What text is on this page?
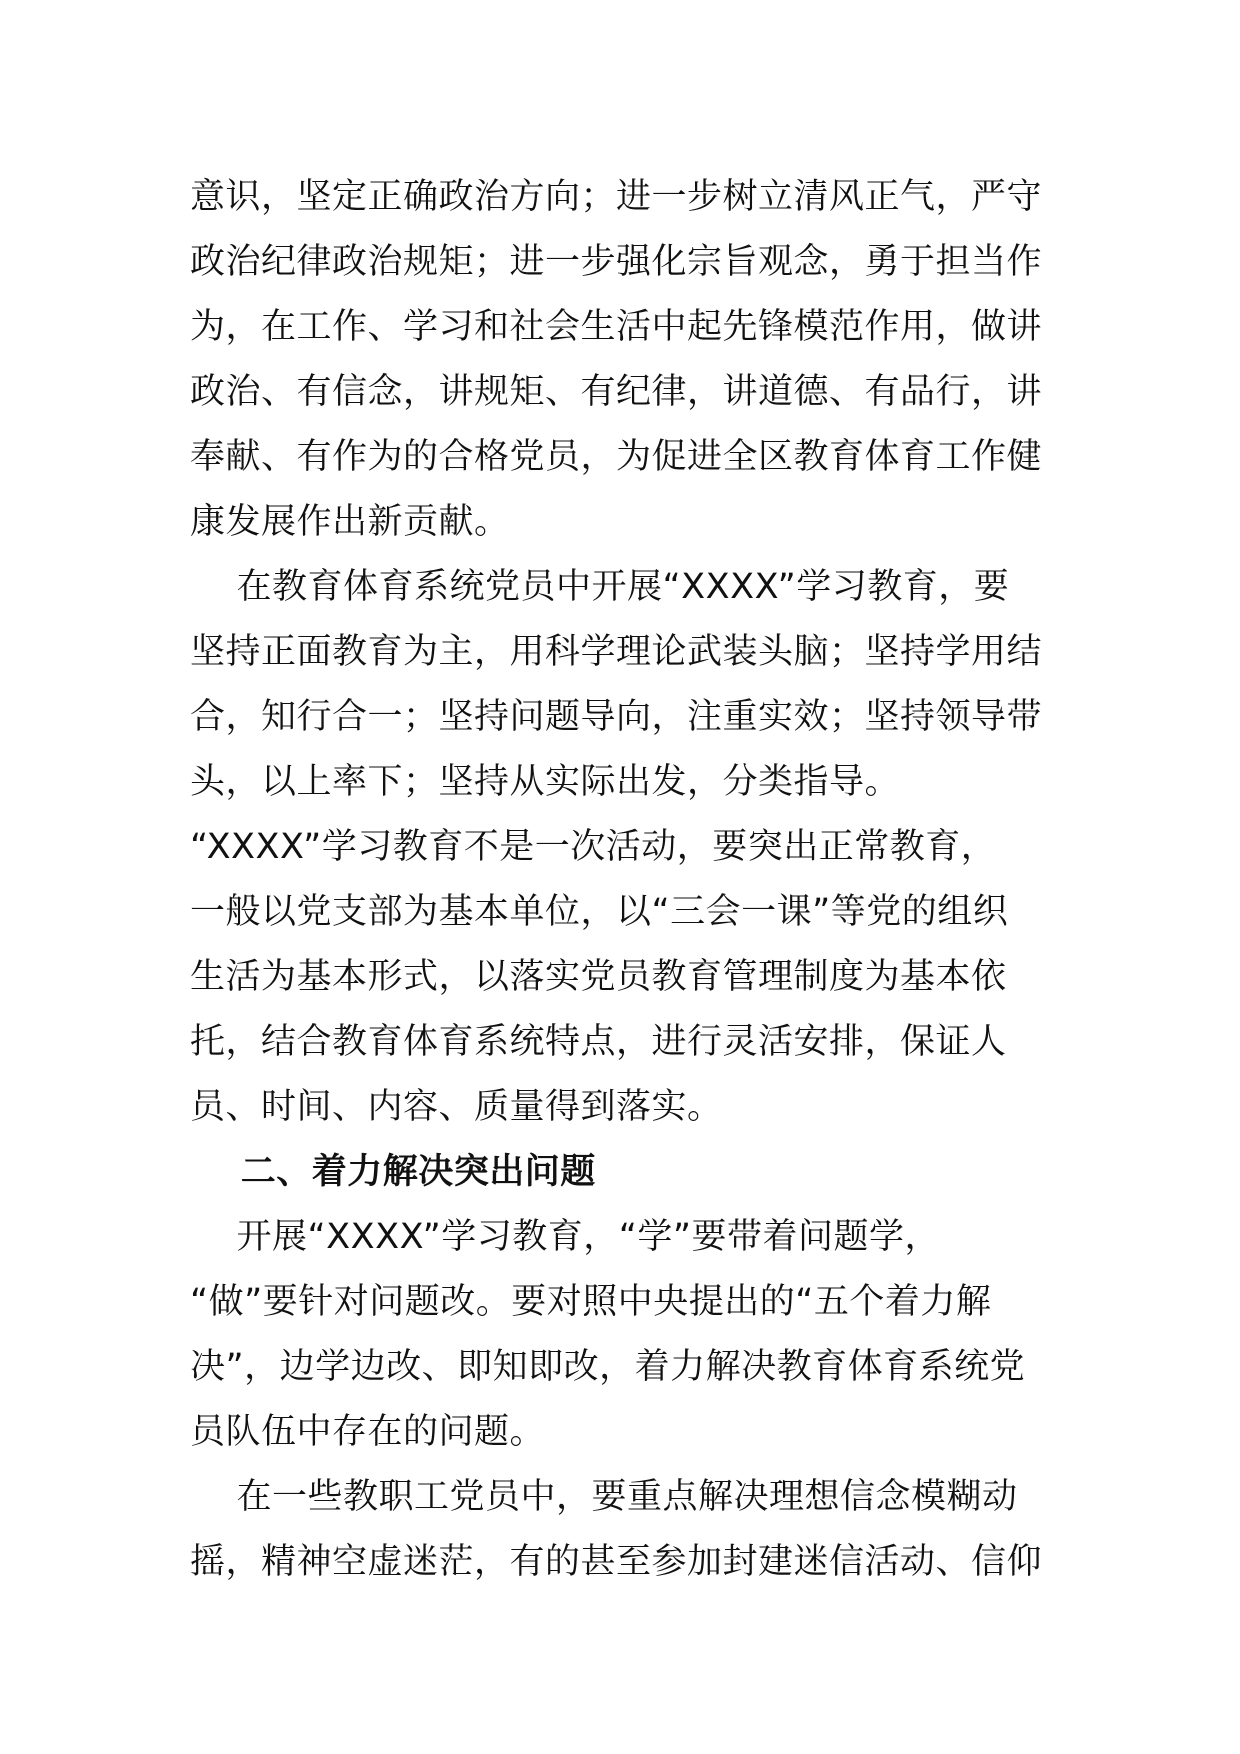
意识，坚定正确政治方向；进一步树立清风正气，严守
政治纪律政治规矩；进一步强化宗旨观念，勇于担当作
为，在工作、学习和社会生活中起先锋模范作用，做讲
政治、有信念，讲规矩、有纪律，讲道德、有品行，讲
奉献、有作为的合格党员，为促进全区教育体育工作健
康发展作出新贡献。
在教育体育系统党员中开展“XXXX”学习教育，要
坚持正面教育为主，用科学理论武装头脑；坚持学用结
合，知行合一；坚持问题导向，注重实效；坚持领导带
头，以上率下；坚持从实际出发，分类指导。
“XXXX”学习教育不是一次活动，要突出正常教育，
一般以党支部为基本单位，以“三会一课”等党的组织
生活为基本形式，以落实党员教育管理制度为基本依
托，结合教育体育系统特点，进行灵活安排，保证人
员、时间、内容、质量得到落实。
二、着力解决突出问题
开展“XXXX”学习教育，“学”要带着问题学，
“做”要针对问题改。要对照中央提出的“五个着力解
决”，边学边改、即知即改，着力解决教育体育系统党
员队伍中存在的问题。
在一些教职工党员中，要重点解决理想信念模糊动
摇，精神空虚迷茫，有的甚至参加封建迷信活动、信仰
